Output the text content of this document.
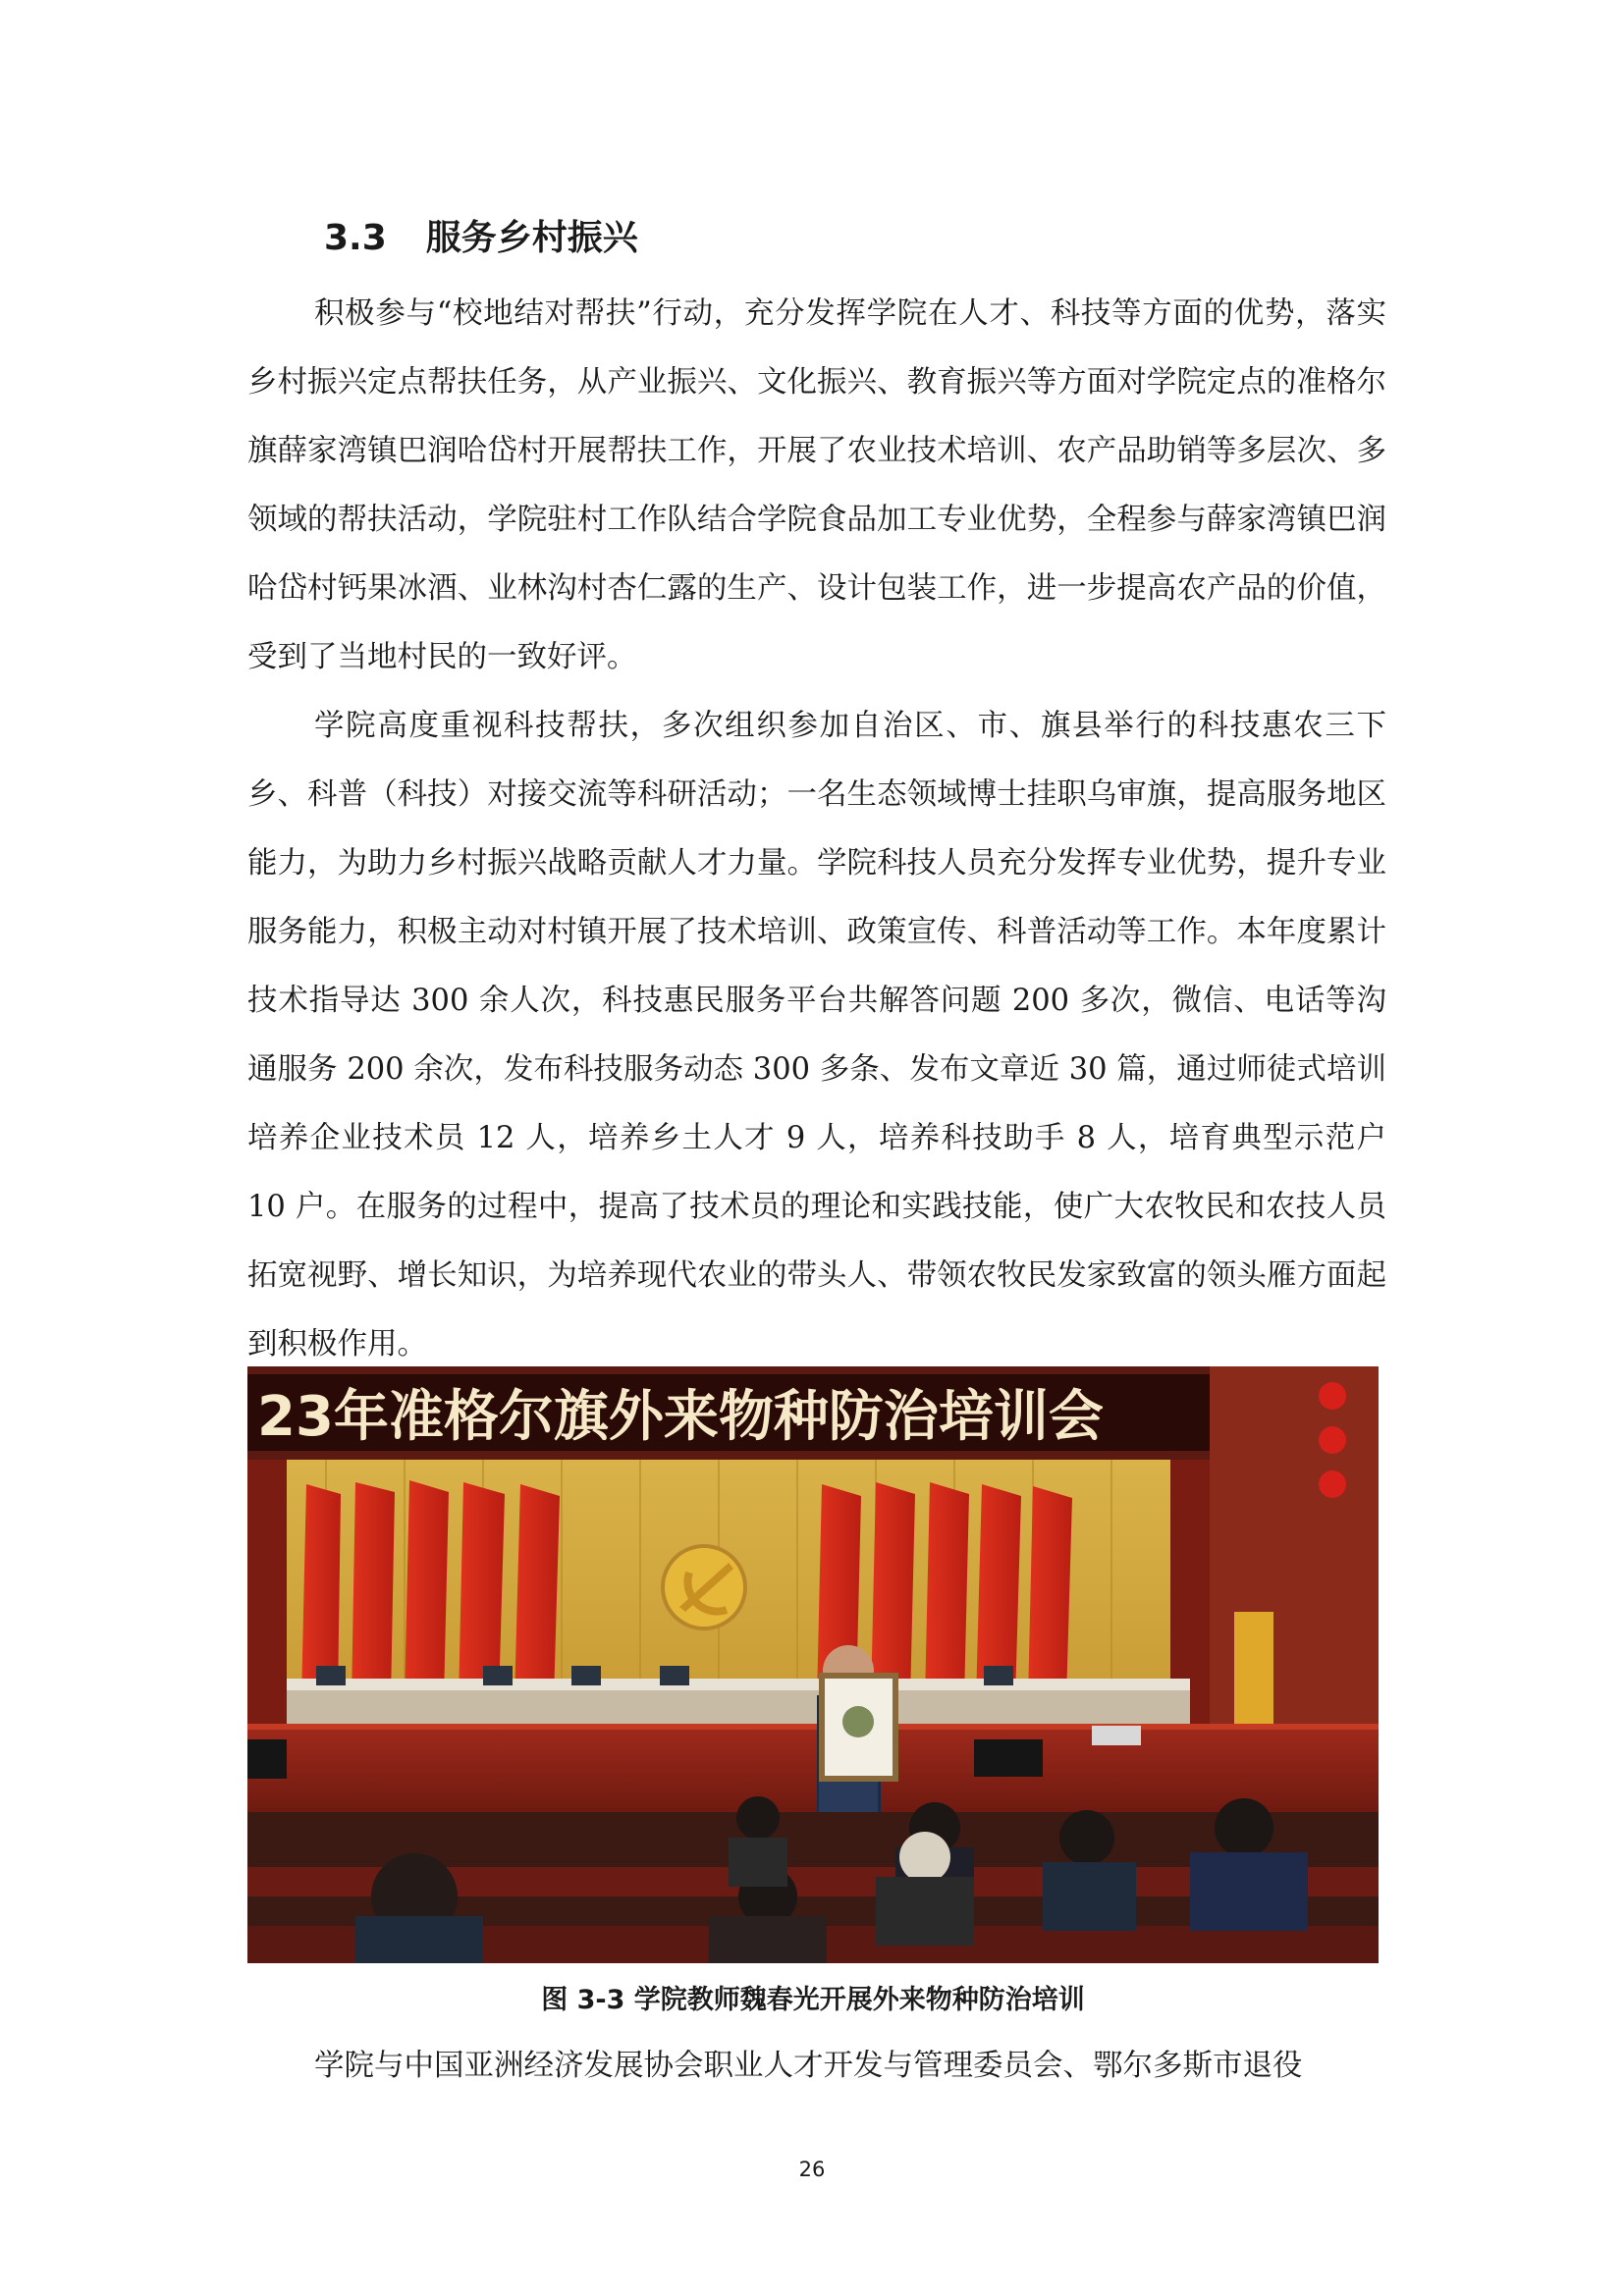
3.3 服务乡村振兴

积极参与“校地结对帮扶”行动，充分发挥学院在人才、科技等方面的优势，落实乡村振兴定点帮扶任务，从产业振兴、文化振兴、教育振兴等方面对学院定点的准格尔旗薛家湾镇巴润哈岱村开展帮扶工作，开展了农业技术培训、农产品助销等多层次、多领域的帮扶活动，学院驻村工作队结合学院食品加工专业优势，全程参与薛家湾镇巴润哈岱村钙果冰酒、业林沟村杏仁露的生产、设计包装工作，进一步提高农产品的价值，受到了当地村民的一致好评。

学院高度重视科技帮扶，多次组织参加自治区、市、旗县举行的科技惠农三下乡、科普（科技）对接交流等科研活动；一名生态领域博士挂职乌审旗，提高服务地区能力，为助力乡村振兴战略贡献人才力量。学院科技人员充分发挥专业优势，提升专业服务能力，积极主动对村镇开展了技术培训、政策宣传、科普活动等工作。本年度累计技术指导达 300 余人次，科技惠民服务平台共解答问题 200 多次，微信、电话等沟通服务 200 余次，发布科技服务动态 300 多条、发布文章近 30 篇，通过师徒式培训培养企业技术员 12 人，培养乡土人才 9 人，培养科技助手 8 人，培育典型示范户 10 户。在服务的过程中，提高了技术员的理论和实践技能，使广大农牧民和农技人员拓宽视野、增长知识，为培养现代农业的带头人、带领农牧民发家致富的领头雁方面起到积极作用。

23年准格尔旗外来物种防治培训会

图 3-3 学院教师魏春光开展外来物种防治培训

学院与中国亚洲经济发展协会职业人才开发与管理委员会、鄂尔多斯市退役

26
